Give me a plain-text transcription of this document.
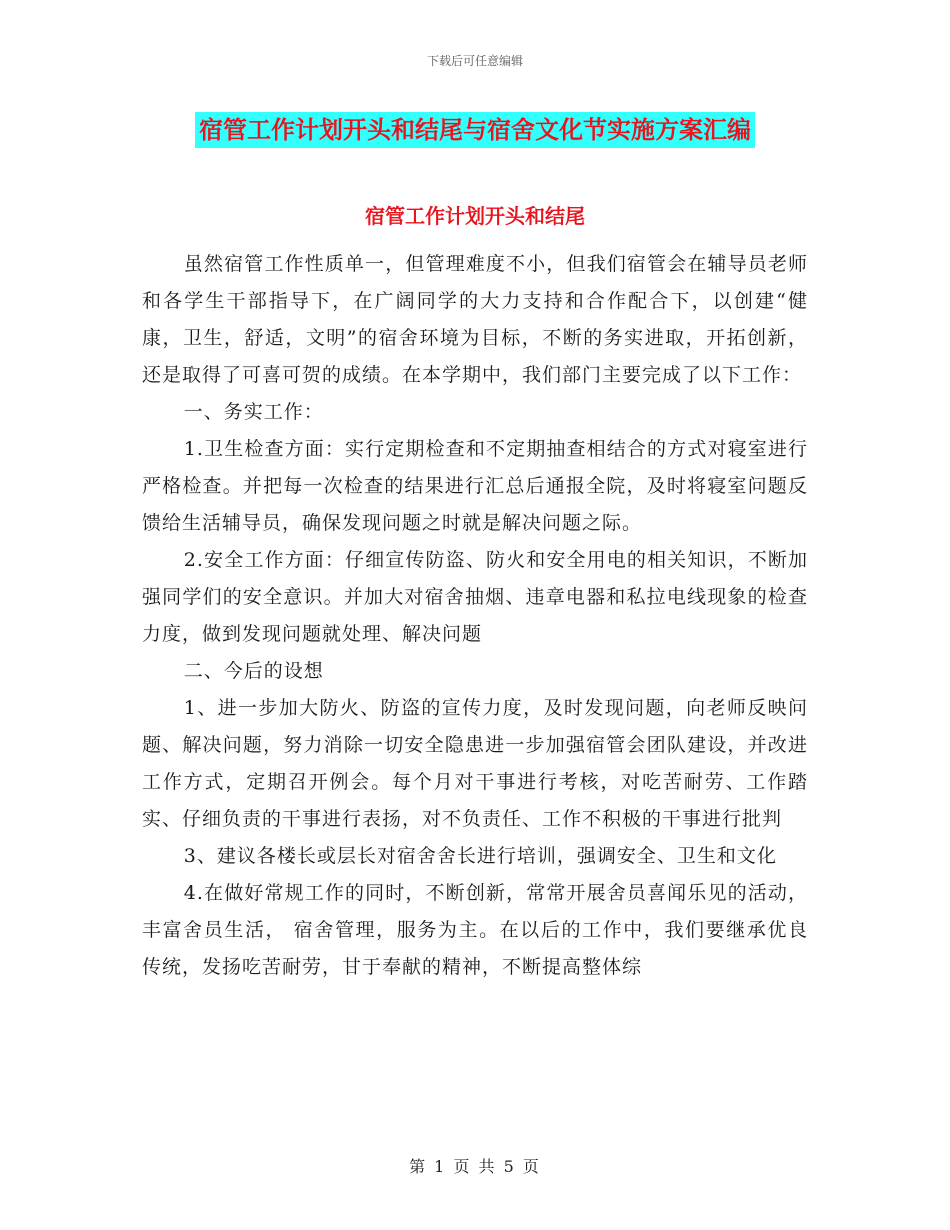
下载后可任意编辑
宿管工作计划开头和结尾与宿舍文化节实施方案汇编
宿管工作计划开头和结尾

虽然宿管工作性质单一，但管理难度不小，但我们宿管会在辅导员老师和各学生干部指导下，在广阔同学的大力支持和合作配合下，以创建“健康，卫生，舒适，文明”的宿舍环境为目标，不断的务实进取，开拓创新，还是取得了可喜可贺的成绩。在本学期中，我们部门主要完成了以下工作：

一、务实工作：

1.卫生检查方面：实行定期检查和不定期抽查相结合的方式对寝室进行严格检查。并把每一次检查的结果进行汇总后通报全院，及时将寝室问题反馈给生活辅导员，确保发现问题之时就是解决问题之际。

2.安全工作方面：仔细宣传防盗、防火和安全用电的相关知识，不断加强同学们的安全意识。并加大对宿舍抽烟、违章电器和私拉电线现象的检查力度，做到发现问题就处理、解决问题

二、今后的设想

1、进一步加大防火、防盗的宣传力度，及时发现问题，向老师反映问题、解决问题，努力消除一切安全隐患进一步加强宿管会团队建设，并改进工作方式，定期召开例会。每个月对干事进行考核，对吃苦耐劳、工作踏实、仔细负责的干事进行表扬，对不负责任、工作不积极的干事进行批判

3、建议各楼长或层长对宿舍舍长进行培训，强调安全、卫生和文化

4.在做好常规工作的同时，不断创新，常常开展舍员喜闻乐见的活动，丰富舍员生活， 宿舍管理，服务为主。在以后的工作中，我们要继承优良传统，发扬吃苦耐劳，甘于奉献的精神，不断提高整体综

第 1 页 共 5 页
